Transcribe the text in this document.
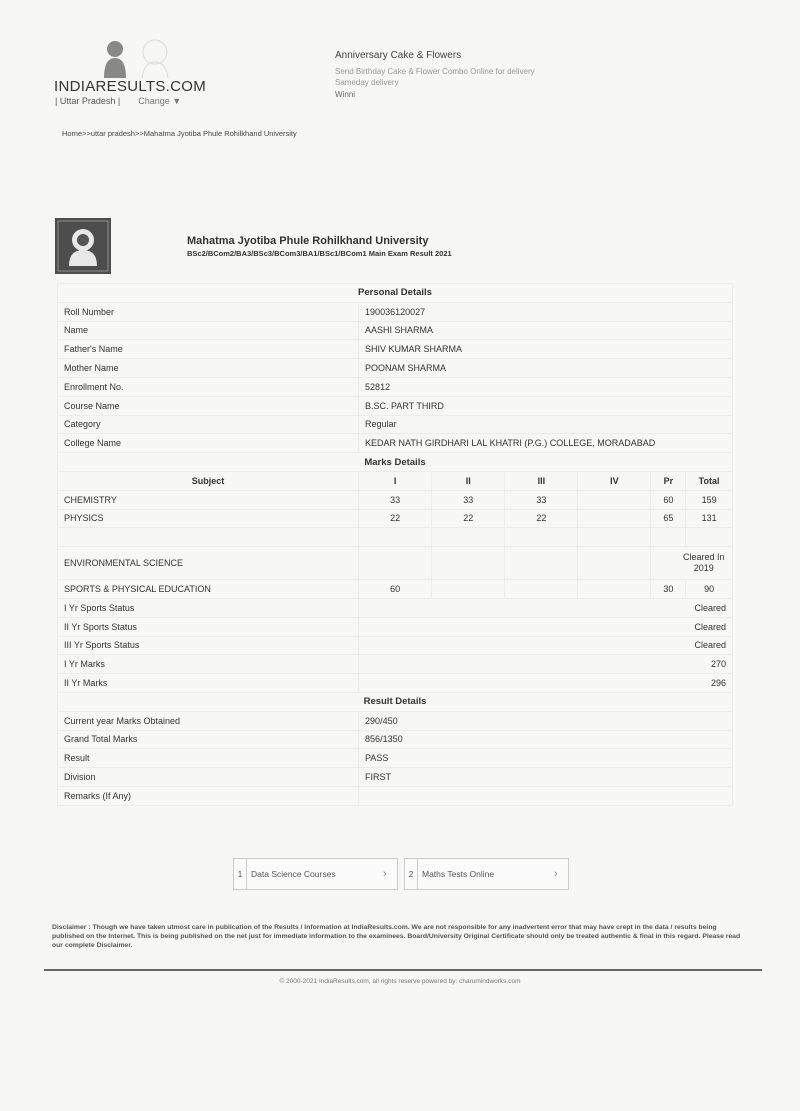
INDIARESULTS.COM
| Uttar Pradesh | Change ▼
Anniversary Cake & Flowers
Send Birthday Cake & Flower Combo Online for delivery
Sameday delivery
Winni
Home>>uttar pradesh>>Mahatma Jyotiba Phule Rohilkhand University
Mahatma Jyotiba Phule Rohilkhand University
BSc2/BCom2/BA3/BSc3/BCom3/BA1/BSc1/BCom1 Main Exam Result 2021
Personal Details						
Roll Number	190036120027					
Name	AASHI SHARMA					
Father's Name	SHIV KUMAR SHARMA					
Mother Name	POONAM SHARMA					
Enrollment No.	52812					
Course Name	B.SC. PART THIRD					
Category	Regular					
College Name	KEDAR NATH GIRDHARI LAL KHATRI (P.G.) COLLEGE, MORADABAD					
Marks Details						
Subject	I	II	III	IV	Pr	Total
CHEMISTRY	33	33	33		60	159
PHYSICS	22	22	22		65	131

ENVIRONMENTAL SCIENCE					Cleared In 2019	
SPORTS & PHYSICAL EDUCATION	60				30	90
I Yr Sports Status	Cleared					
II Yr Sports Status	Cleared					
III Yr Sports Status	Cleared					
I Yr Marks	270					
II Yr Marks	296					
Result Details						
Current year Marks Obtained	290/450					
Grand Total Marks	856/1350					
Result	PASS					
Division	FIRST					
Remarks (If Any)						
1	Data Science Courses	›	2	Maths Tests Online	›
Disclaimer : Though we have taken utmost care in publication of the Results / Information at IndiaResults.com. We are not responsible for any inadvertent error that may have crept in the data / results being published on the Internet. This is being published on the net just for immediate information to the examinees. Board/University Original Certificate should only be treated authentic & final in this regard. Please read our complete Disclaimer.
© 2000-2021 IndiaResults.com, all rights reserve powered by: charumindworks.com
